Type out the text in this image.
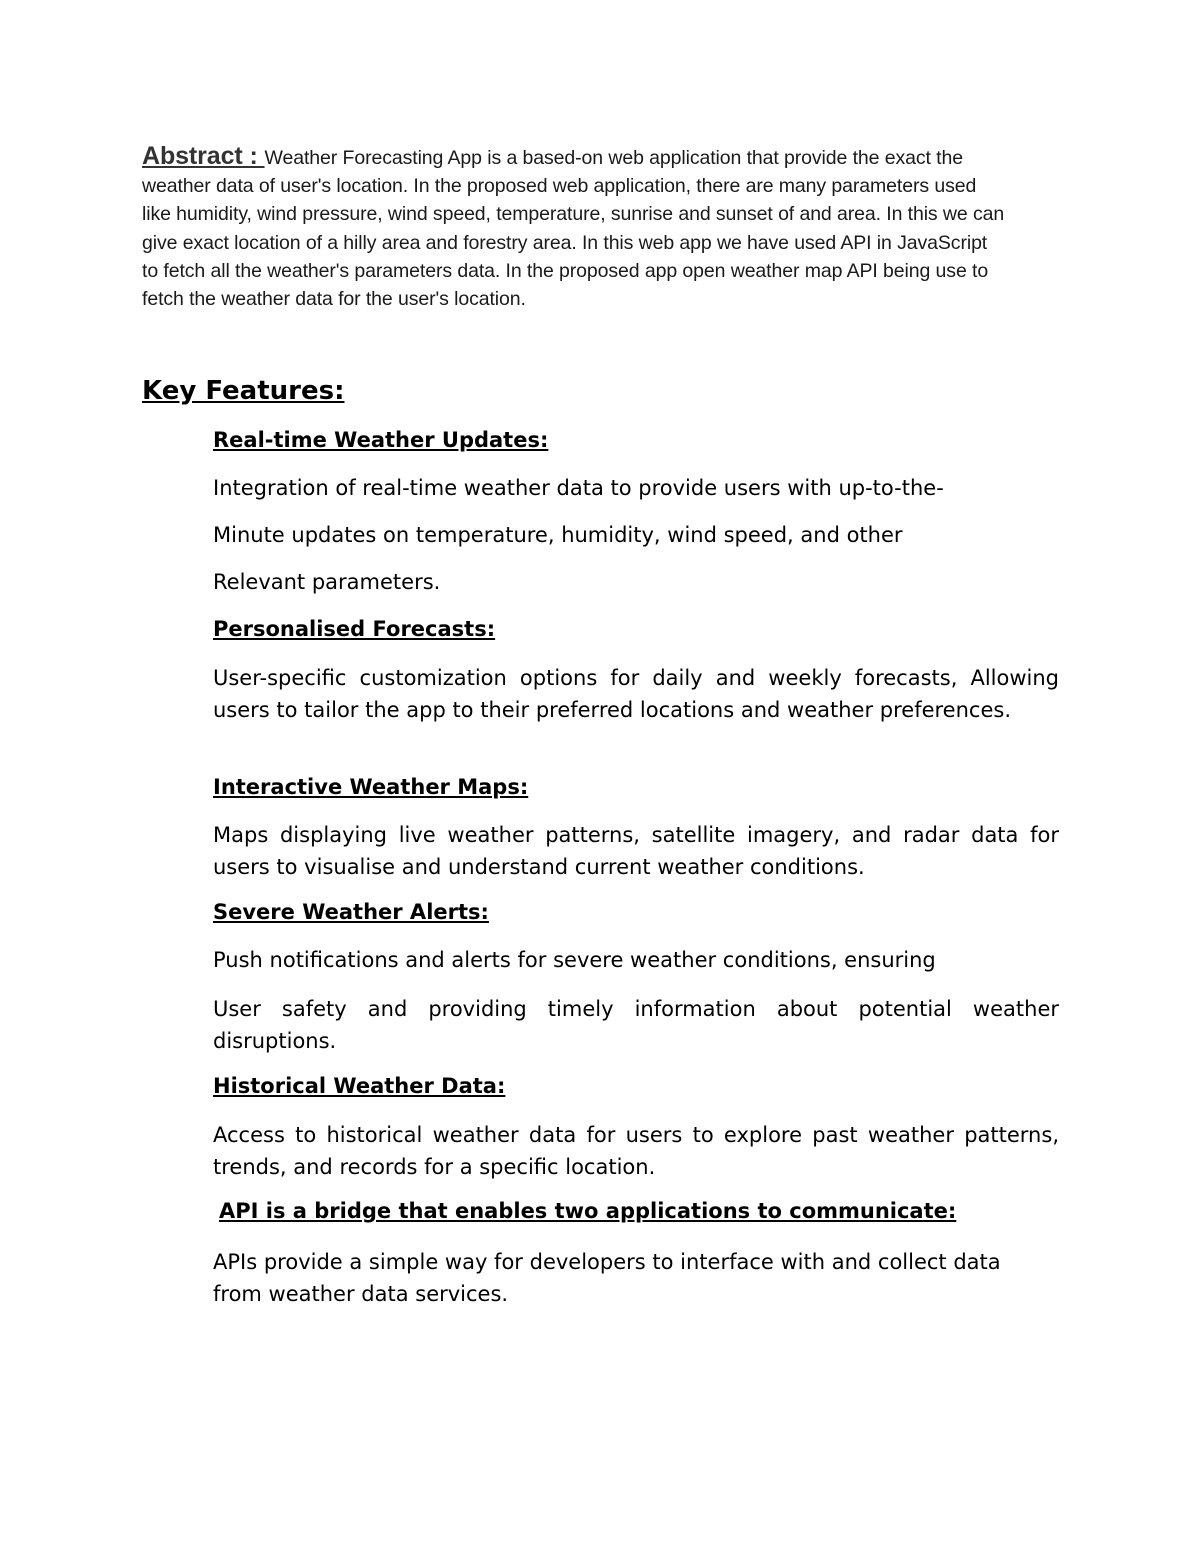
Abstract : Weather Forecasting App is a based-on web application that provide the exact the
weather data of user's location. In the proposed web application, there are many parameters used
like humidity, wind pressure, wind speed, temperature, sunrise and sunset of and area. In this we can
give exact location of a hilly area and forestry area. In this web app we have used API in JavaScript
to fetch all the weather's parameters data. In the proposed app open weather map API being use to
fetch the weather data for the user's location.
Key Features:
Real-time Weather Updates:
Integration of real-time weather data to provide users with up-to-the-
Minute updates on temperature, humidity, wind speed, and other
Relevant parameters.
Personalised Forecasts:
User-specific customization options for daily and weekly forecasts, Allowing users to tailor the app to their preferred locations and weather preferences.
Interactive Weather Maps:
Maps displaying live weather patterns, satellite imagery, and radar data for users to visualise and understand current weather conditions.
Severe Weather Alerts:
Push notifications and alerts for severe weather conditions, ensuring
User safety and providing timely information about potential weather disruptions.
Historical Weather Data:
Access to historical weather data for users to explore past weather patterns, trends, and records for a specific location.
API is a bridge that enables two applications to communicate:
APIs provide a simple way for developers to interface with and collect data from weather data services.
